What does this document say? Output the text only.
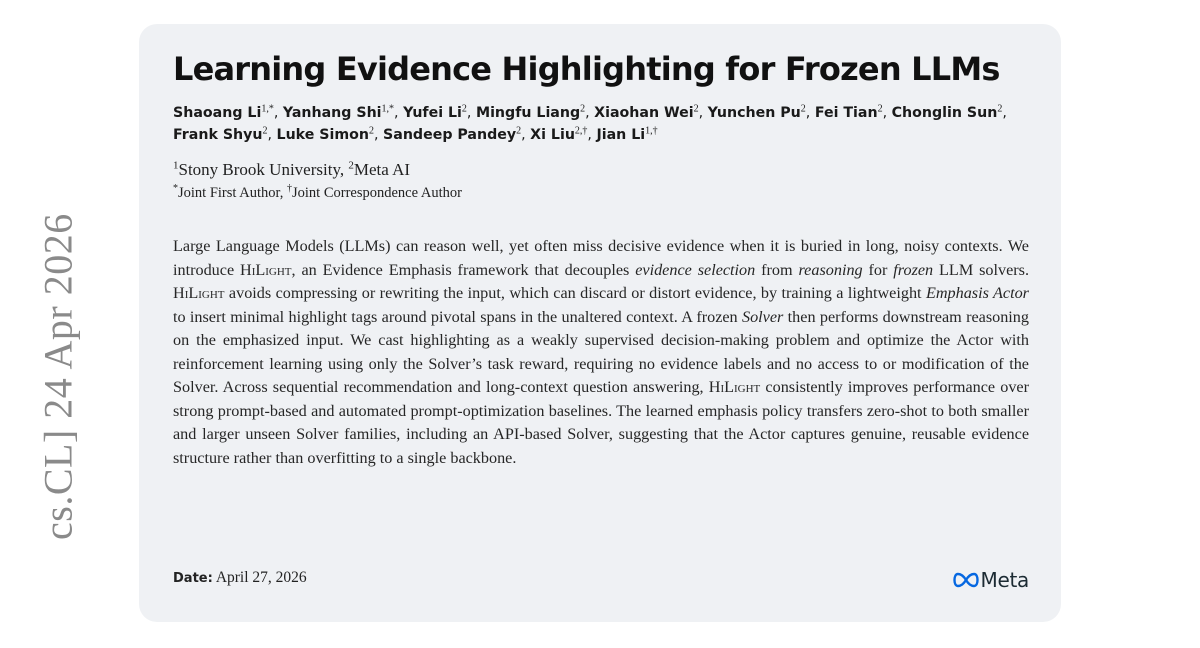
cs.CL] 24 Apr 2026
Learning Evidence Highlighting for Frozen LLMs
Shaoang $Li^{1,*}$, Yanhang Shi$^{1,*}$, Yufei Li$^2$, Mingfu Liang$^2$, Xiaohan Wei$^2$, Yunchen Pu$^2$, Fei Tian$^2$, Chonglin Sun$^2$, Frank Shyu$^2$, Luke Simon$^2$, Sandeep Pandey$^2$, Xi Liu$^{2,\dagger}$, Jian $Li^{1,\dagger}$
$^1$Stony Brook University, $^2$Meta AI
*Joint First Author, †Joint Correspondence Author

Large Language Models (LLMs) can reason well, yet often miss decisive evidence when it is buried in long, noisy contexts. We introduce HiLight, an Evidence Emphasis framework that decouples evidence selection from reasoning for frozen LLM solvers. HiLight avoids compressing or rewriting the input, which can discard or distort evidence, by training a lightweight Emphasis Actor to insert minimal highlight tags around pivotal spans in the unaltered context. A frozen Solver then performs downstream reasoning on the emphasized input. We cast highlighting as a weakly supervised decision-making problem and optimize the Actor with reinforcement learning using only the Solver’s task reward, requiring no evidence labels and no access to or modification of the Solver. Across sequential recommendation and long-context question answering, HiLight consistently improves performance over strong prompt-based and automated prompt-optimization baselines. The learned emphasis policy transfers zero-shot to both smaller and larger unseen Solver families, including an API-based Solver, suggesting that the Actor captures genuine, reusable evidence structure rather than overfitting to a single backbone.

Date: April 27, 2026	Meta
